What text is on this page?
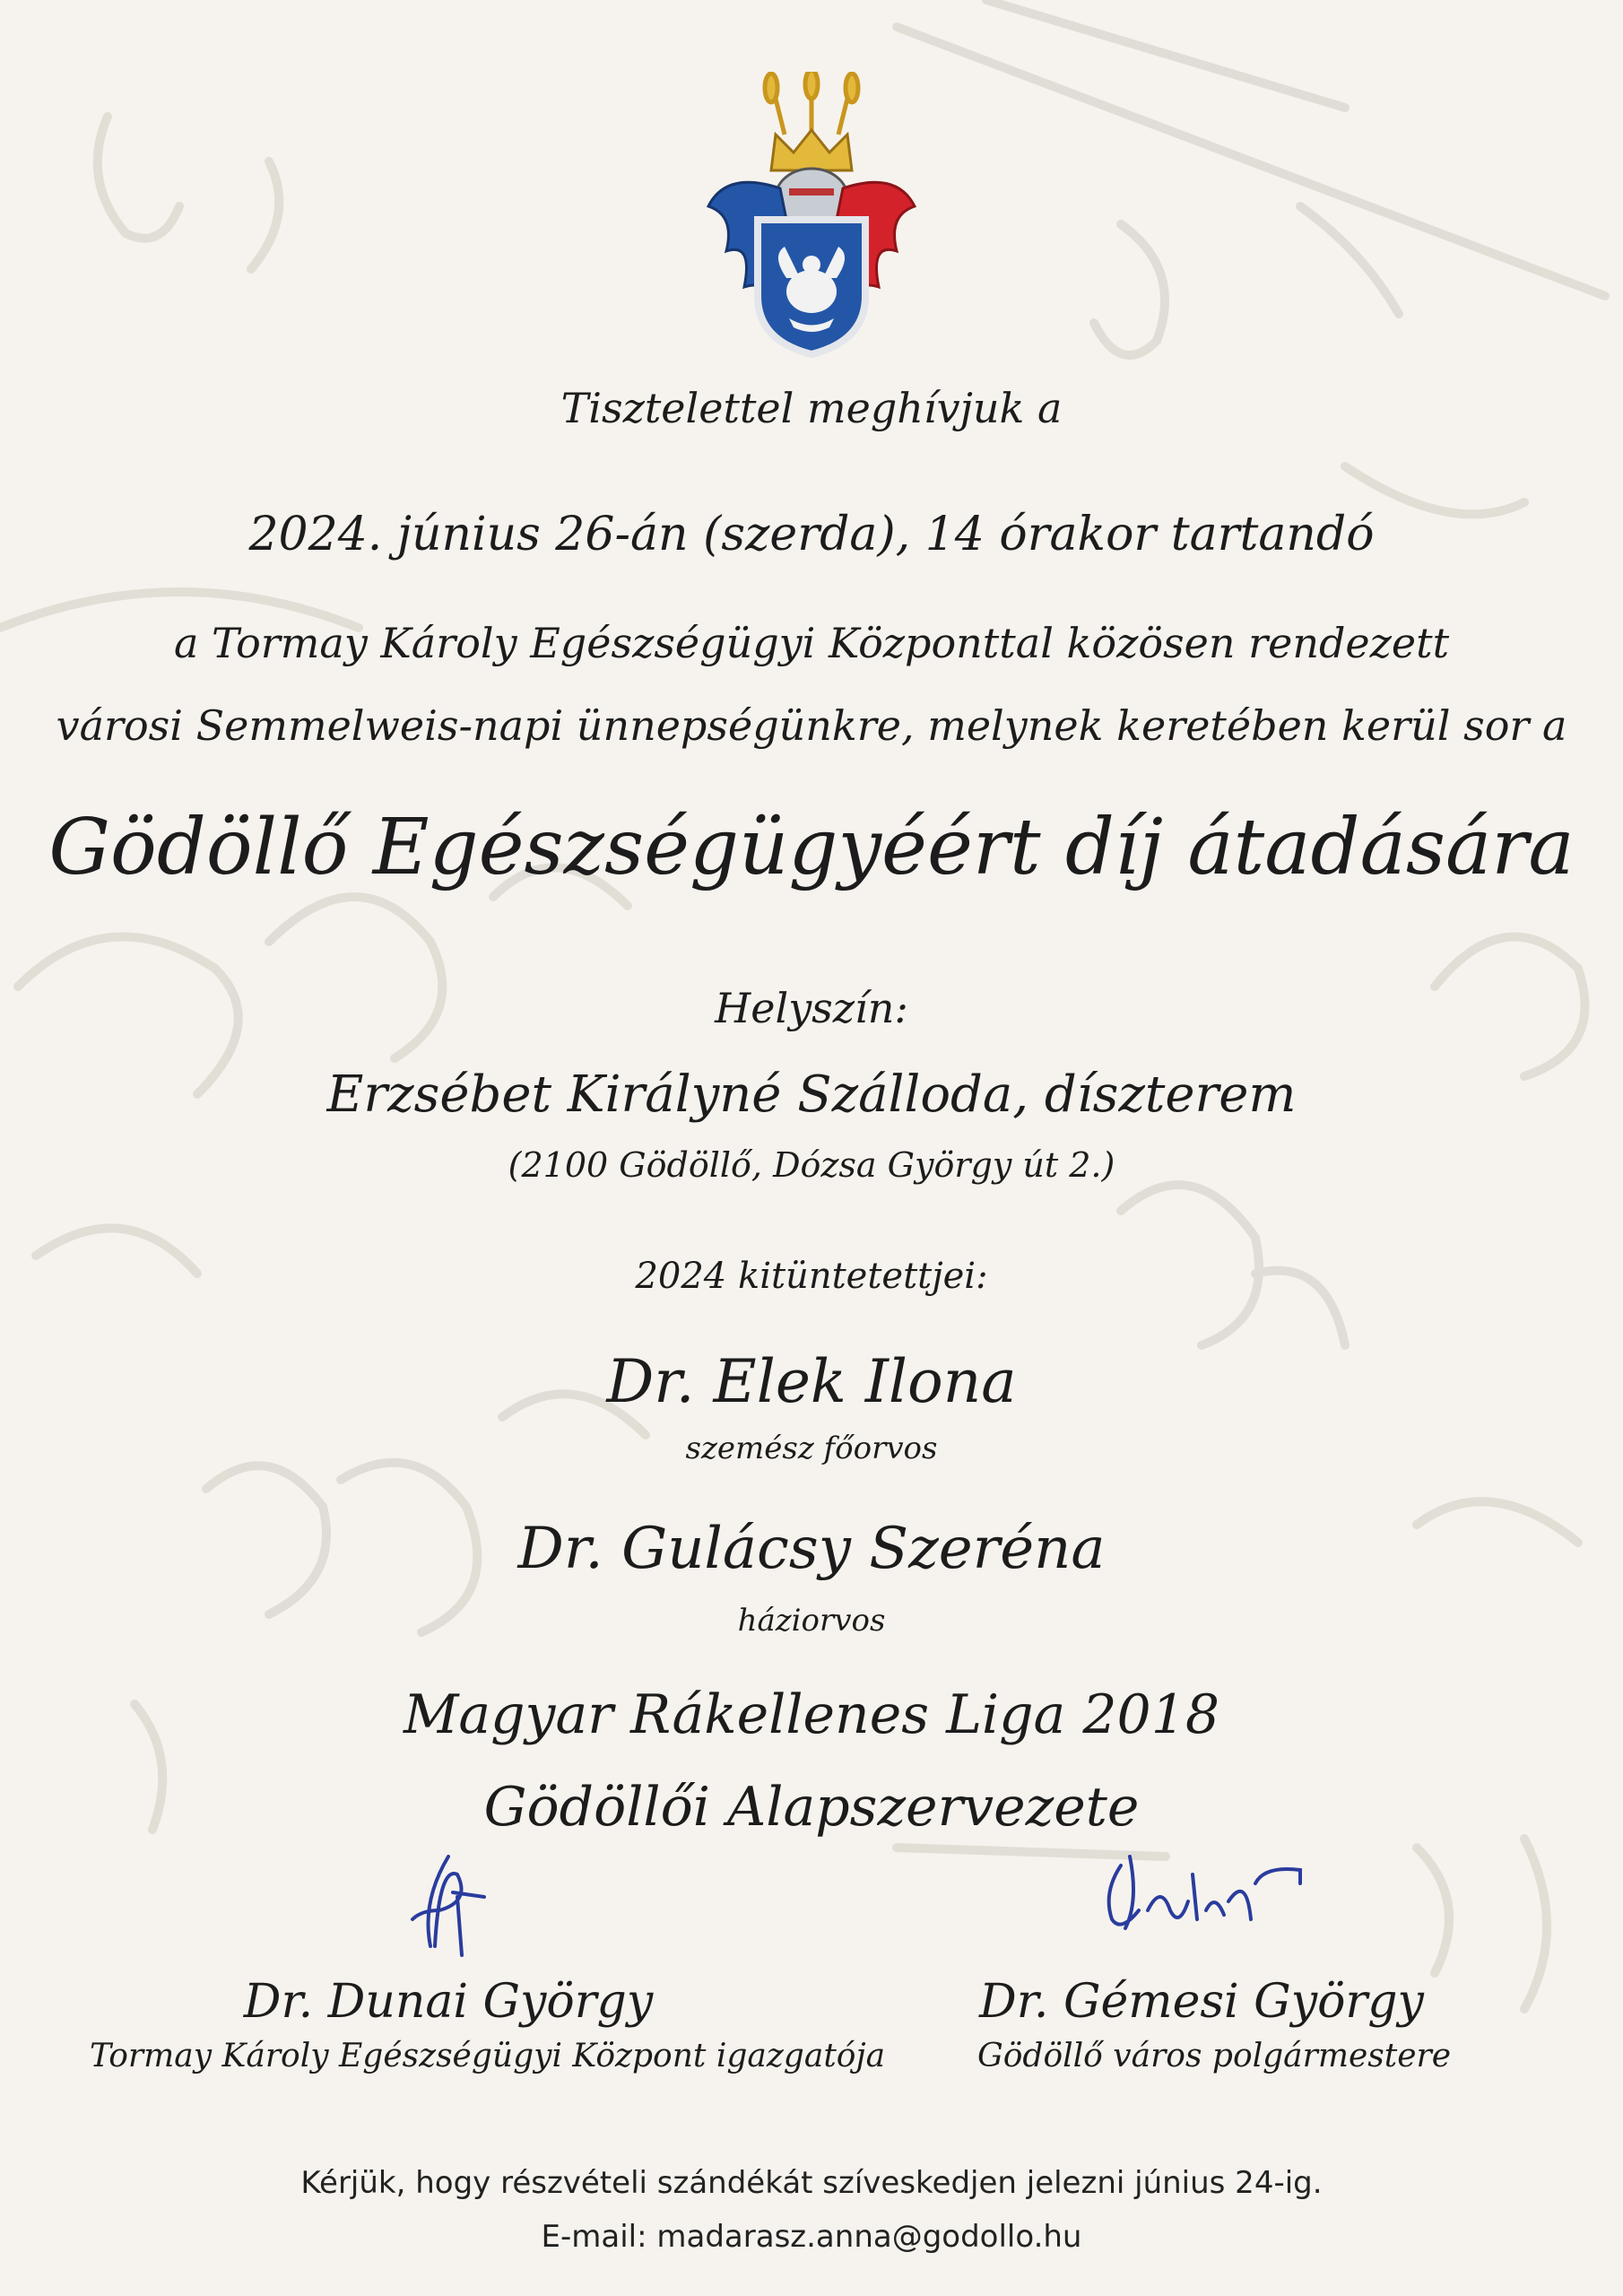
Tisztelettel meghívjuk a
2024. június 26-án (szerda), 14 órakor tartandó
a Tormay Károly Egészségügyi Központtal közösen rendezett
városi Semmelweis-napi ünnepségünkre, melynek keretében kerül sor a
Gödöllő Egészségügyéért díj átadására
Helyszín:
Erzsébet Királyné Szálloda, díszterem
(2100 Gödöllő, Dózsa György út 2.)
2024 kitüntetettjei:
Dr. Elek Ilona
szemész főorvos
Dr. Gulácsy Szeréna
háziorvos
Magyar Rákellenes Liga 2018
Gödöllői Alapszervezete
Dr. Dunai György
Tormay Károly Egészségügyi Központ igazgatója
Dr. Gémesi György
Gödöllő város polgármestere
Kérjük, hogy részvételi szándékát szíveskedjen jelezni június 24-ig.
E-mail: madarasz.anna@godollo.hu
